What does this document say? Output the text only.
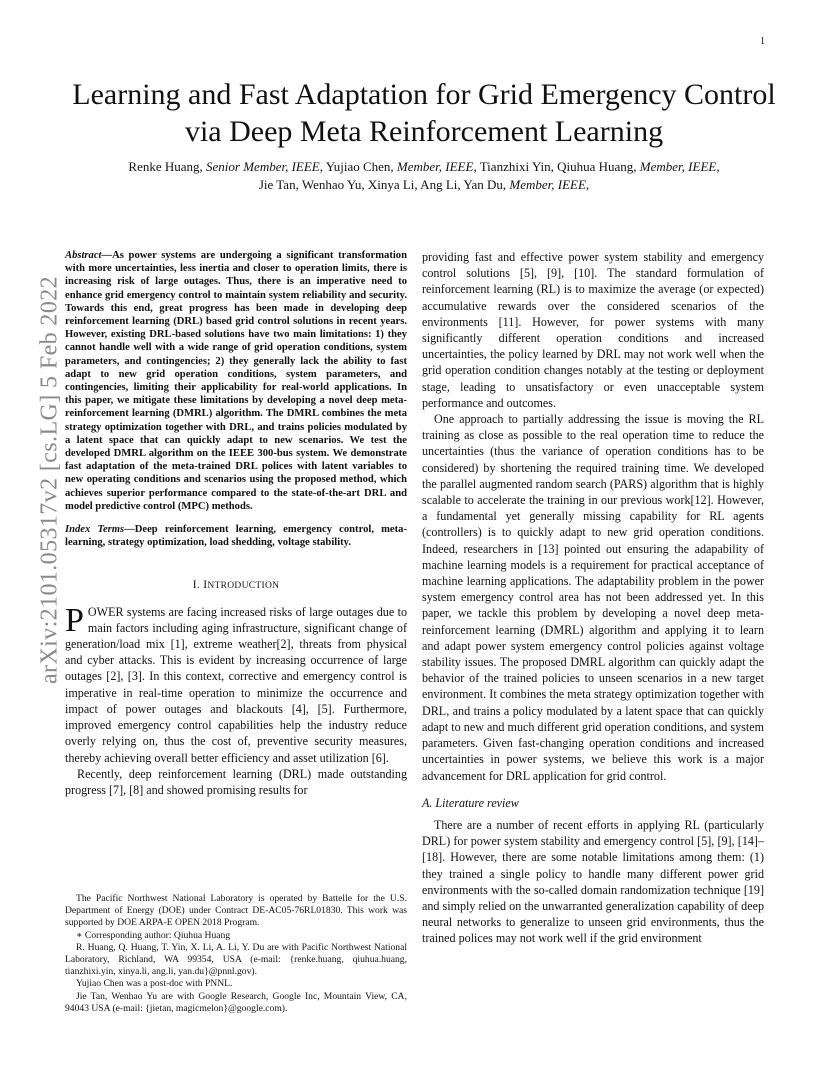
1
arXiv:2101.05317v2 [cs.LG] 5 Feb 2022
Learning and Fast Adaptation for Grid Emergency Control via Deep Meta Reinforcement Learning
Renke Huang, Senior Member, IEEE, Yujiao Chen, Member, IEEE, Tianzhixi Yin, Qiuhua Huang, Member, IEEE,
Jie Tan, Wenhao Yu, Xinya Li, Ang Li, Yan Du, Member, IEEE,

Abstract—As power systems are undergoing a significant transformation with more uncertainties, less inertia and closer to operation limits, there is increasing risk of large outages. Thus, there is an imperative need to enhance grid emergency control to maintain system reliability and security. Towards this end, great progress has been made in developing deep reinforcement learning (DRL) based grid control solutions in recent years. However, existing DRL-based solutions have two main limitations: 1) they cannot handle well with a wide range of grid operation conditions, system parameters, and contingencies; 2) they generally lack the ability to fast adapt to new grid operation conditions, system parameters, and contingencies, limiting their applicability for real-world applications. In this paper, we mitigate these limitations by developing a novel deep meta-reinforcement learning (DMRL) algorithm. The DMRL combines the meta strategy optimization together with DRL, and trains policies modulated by a latent space that can quickly adapt to new scenarios. We test the developed DMRL algorithm on the IEEE 300-bus system. We demonstrate fast adaptation of the meta-trained DRL polices with latent variables to new operating conditions and scenarios using the proposed method, which achieves superior performance compared to the state-of-the-art DRL and model predictive control (MPC) methods.

Index Terms—Deep reinforcement learning, emergency control, meta-learning, strategy optimization, load shedding, voltage stability.

I. INTRODUCTION

POWER systems are facing increased risks of large outages due to main factors including aging infrastructure, significant change of generation/load mix [1], extreme weather[2], threats from physical and cyber attacks. This is evident by increasing occurrence of large outages [2], [3]. In this context, corrective and emergency control is imperative in real-time operation to minimize the occurrence and impact of power outages and blackouts [4], [5]. Furthermore, improved emergency control capabilities help the industry reduce overly relying on, thus the cost of, preventive security measures, thereby achieving overall better efficiency and asset utilization [6].

Recently, deep reinforcement learning (DRL) made outstanding progress [7], [8] and showed promising results for

providing fast and effective power system stability and emergency control solutions [5], [9], [10]. The standard formulation of reinforcement learning (RL) is to maximize the average (or expected) accumulative rewards over the considered scenarios of the environments [11]. However, for power systems with many significantly different operation conditions and increased uncertainties, the policy learned by DRL may not work well when the grid operation condition changes notably at the testing or deployment stage, leading to unsatisfactory or even unacceptable system performance and outcomes.

One approach to partially addressing the issue is moving the RL training as close as possible to the real operation time to reduce the uncertainties (thus the variance of operation conditions has to be considered) by shortening the required training time. We developed the parallel augmented random search (PARS) algorithm that is highly scalable to accelerate the training in our previous work[12]. However, a fundamental yet generally missing capability for RL agents (controllers) is to quickly adapt to new grid operation conditions. Indeed, researchers in [13] pointed out ensuring the adapability of machine learning models is a requirement for practical acceptance of machine learning applications. The adaptability problem in the power system emergency control area has not been addressed yet. In this paper, we tackle this problem by developing a novel deep meta-reinforcement learning (DMRL) algorithm and applying it to learn and adapt power system emergency control policies against voltage stability issues. The proposed DMRL algorithm can quickly adapt the behavior of the trained policies to unseen scenarios in a new target environment. It combines the meta strategy optimization together with DRL, and trains a policy modulated by a latent space that can quickly adapt to new and much different grid operation conditions, and system parameters. Given fast-changing operation conditions and increased uncertainties in power systems, we believe this work is a major advancement for DRL application for grid control.

A. Literature review

There are a number of recent efforts in applying RL (particularly DRL) for power system stability and emergency control [5], [9], [14]–[18]. However, there are some notable limitations among them: (1) they trained a single policy to handle many different power grid environments with the so-called domain randomization technique [19] and simply relied on the unwarranted generalization capability of deep neural networks to generalize to unseen grid environments, thus the trained polices may not work well if the grid environment

The Pacific Northwest National Laboratory is operated by Battelle for the U.S. Department of Energy (DOE) under Contract DE-AC05-76RL01830. This work was supported by DOE ARPA-E OPEN 2018 Program.

∗ Corresponding author: Qiuhua Huang

R. Huang, Q. Huang, T. Yin, X. Li, A. Li, Y. Du are with Pacific Northwest National Laboratory, Richland, WA 99354, USA (e-mail: {renke.huang, qiuhua.huang, tianzhixi.yin, xinya.li, ang.li, yan.du}@pnnl.gov).

Yujiao Chen was a post-doc with PNNL.

Jie Tan, Wenhao Yu are with Google Research, Google Inc, Mountain View, CA, 94043 USA (e-mail: {jietan, magicmelon}@google.com).
